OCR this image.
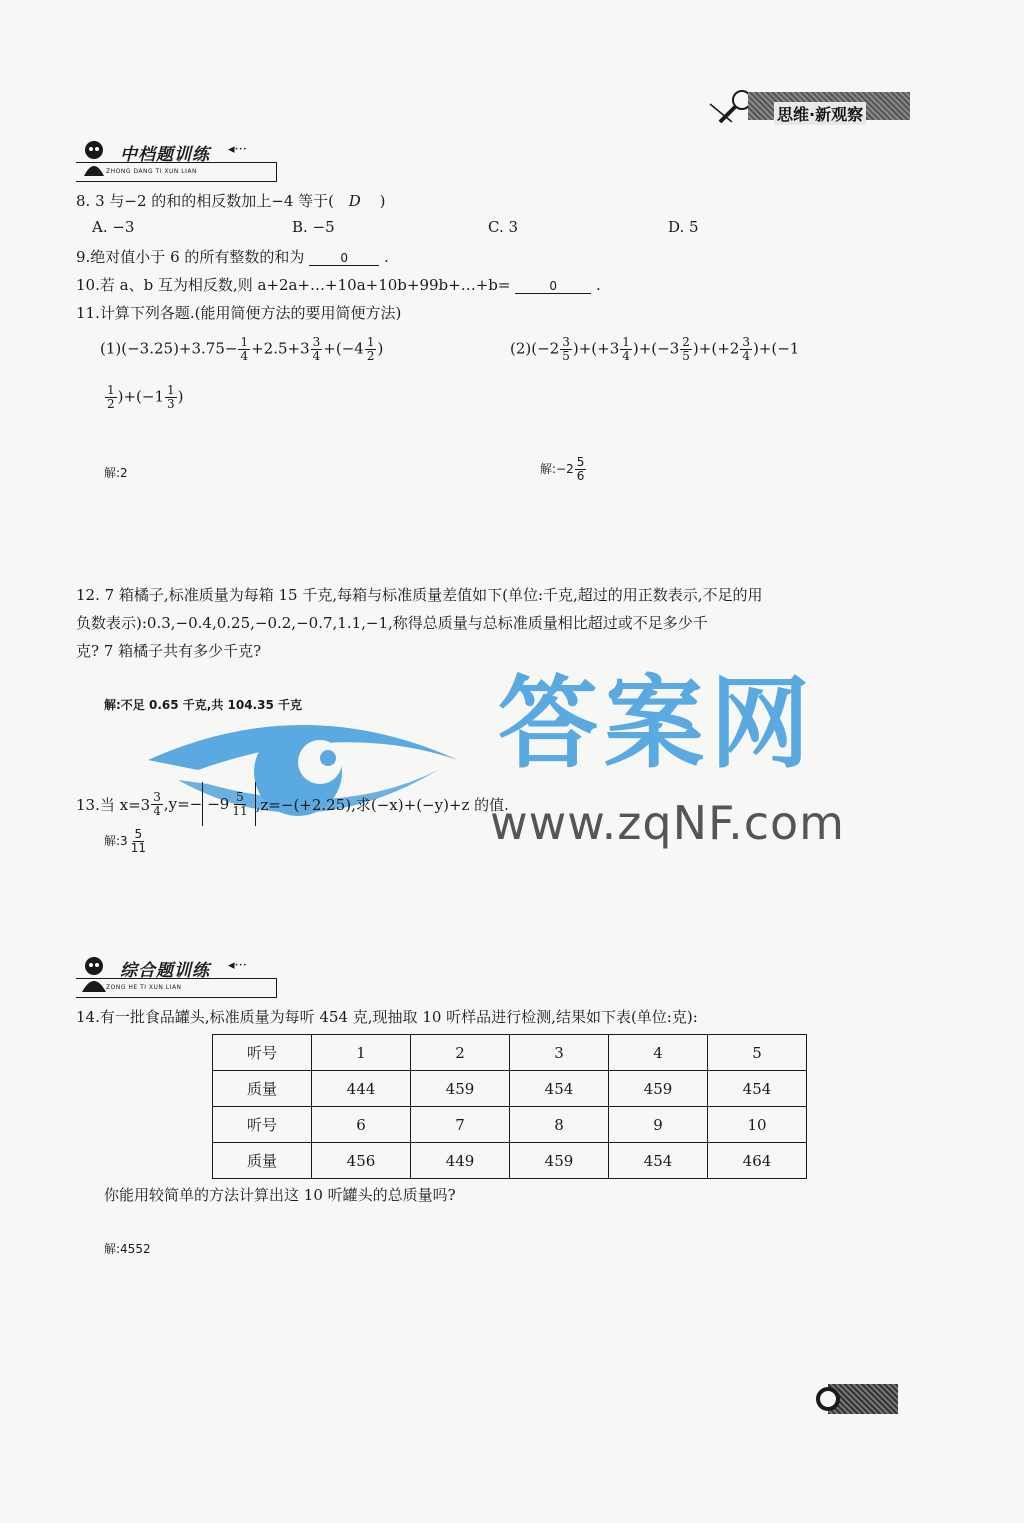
思维·新观察
中档题训练 ◂···
ZHONG DANG TI XUN LIAN
8. 3 与−2 的和的相反数加上−4 等于( D )
A. −3	B. −5	C. 3	D. 5
9.绝对值小于 6 的所有整数的和为	0 .
10.若 a、b 互为相反数,则 a+2a+…+10a+10b+99b+…+b=	0	.
11.计算下列各题.(能用简便方法的要用简便方法)
$(1)(-3.25)+3.75- \frac{1}{4} +2.5+3 \frac{3}{4} +(-4 \frac{1}{2}$ )	$(2)(-2 \frac{3}{5} )+(+3 \frac{1}{4} )+(-3 \frac{2}{5} )+(+2 \frac{3}{4} )+(-1$
$\frac{1}{2} )+(-1 \frac{1}{3}$ )
解:2	解:−2 $\frac{5}{6}$
12. 7 箱橘子,标准质量为每箱 15 千克,每箱与标准质量差值如下(单位:千克,超过的用正数表示,不足的用
负数表示):0.3,−0.4,0.25,−0.2,−0.7,1.1,−1,称得总质量与总标准质量相比超过或不足多少千
克? 7 箱橘子共有多少千克?
解:不足 0.65 千克,共 104.35 千克 答案网
www.zqNF.com
13.当 $x=3 \frac{3}{4} ,y=- -9 \frac{5}{11} ,z=-(+2.25)$,求(−x)+(−y)+z 的值.
解:3 $\frac{5}{11}$
综合题训练 ◂···
ZONG HE TI XUN LIAN
14.有一批食品罐头,标准质量为每听 454 克,现抽取 10 听样品进行检测,结果如下表(单位:克):
听号	1	2	3	4	5
质量	444	459	454	459	454
听号	6	7	8	9	10
质量	456	449	459	454	464
你能用较简单的方法计算出这 10 听罐头的总质量吗?
解:4552
